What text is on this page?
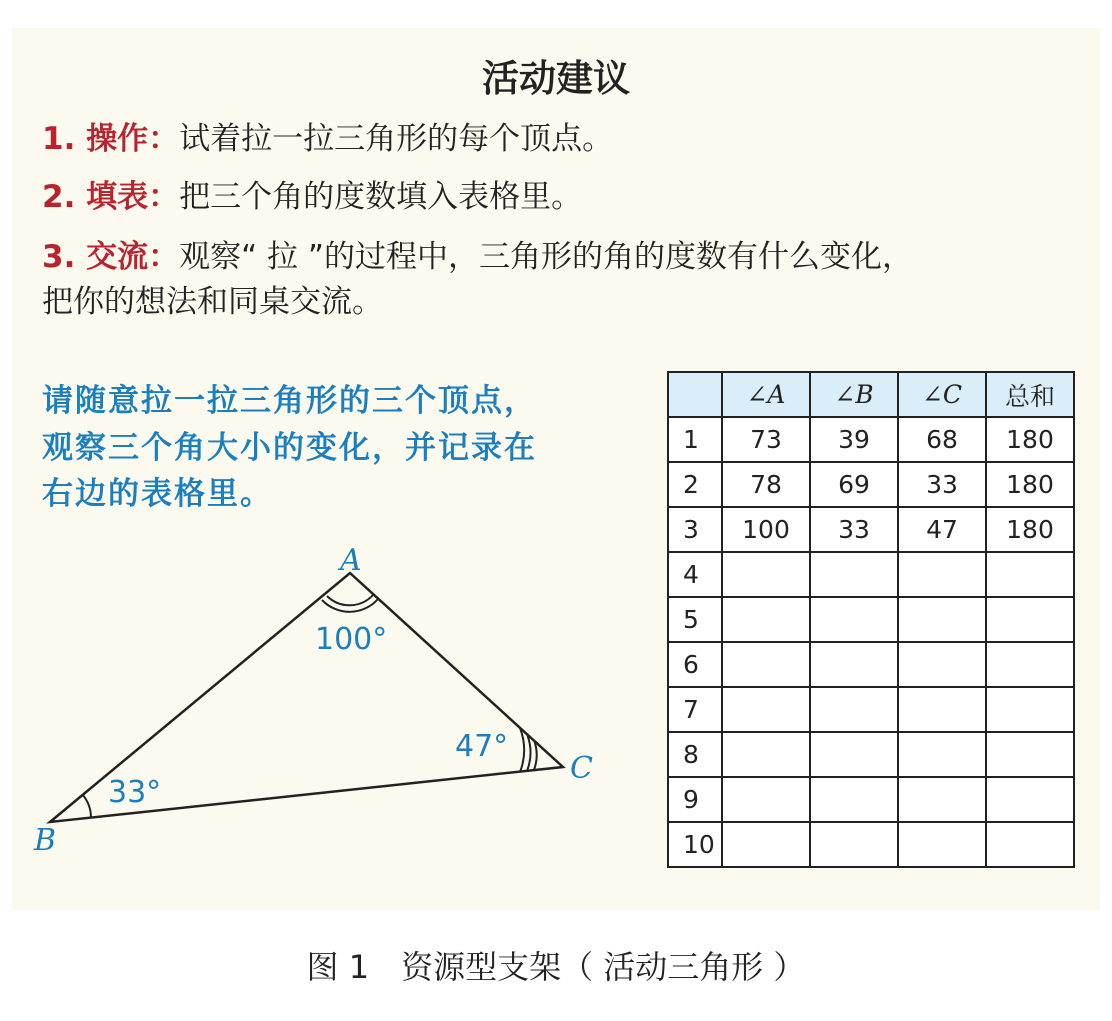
活动建议
1. 操作：试着拉一拉三角形的每个顶点。
2. 填表：把三个角的度数填入表格里。
3. 交流：观察“ 拉 ”的过程中，三角形的角的度数有什么变化，
把你的想法和同桌交流。
请随意拉一拉三角形的三个顶点，
观察三个角大小的变化，并记录在
右边的表格里。
A
B
C
100°
33°
47°
	∠A	∠B	∠C	总和
1	73	39	68	180
2	78	69	33	180
3	100	33	47	180
4				
5				
6				
7				
8				
9				
10				
图 1　资源型支架（ 活动三角形 ）
